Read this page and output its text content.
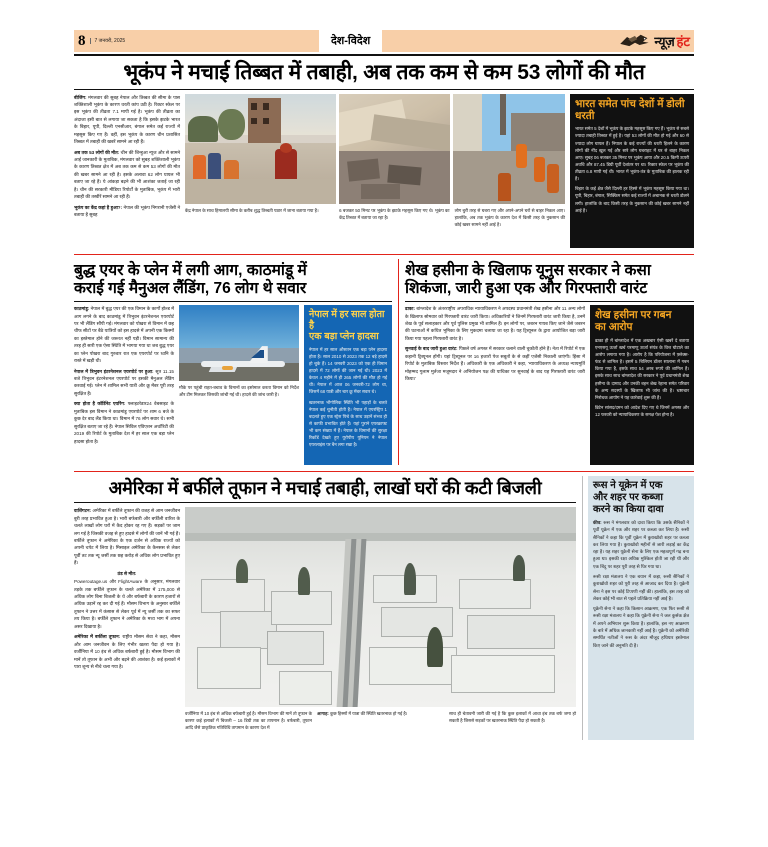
8	7 जनवरी, 2025	देश-विदेश	न्यूज़ हंट
भूकंप ने मचाई तिब्बत में तबाही, अब तक कम से कम 53 लोगों की मौत

बीजिंग: मंगलवार की सुबह नेपाल और तिब्बत की सीमा के पास शक्तिशाली भूकंप के कारण धरती कांप उठी है। रिक्टर स्केल पर इस भूकंप की तीव्रता 7.1 मापी गई है। भूकंप की तीव्रता का अंदाजा इसी बात से लगाया जा सकता है कि इसके झटके भारत के बिहार, यूपी, दिल्ली एनसीआर, बंगाल समेत कई राज्यों में महसूस किए गए हैं। वहीं, इस भूकंप के कारण चीन प्रशासित तिब्बत में तबाही की खबरें सामने आ रही हैं।

अब तक 53 लोगों की मौत: चीन की शिन्हुआ न्यूज और से सामने आई जानकारी के मुताबिक, मंगलवार को सुबह शक्तिशाली भूकंप के कारण तिब्बत क्षेत्र में अब तक कम से कम 53 लोगों की मौत की खबर सामने आ रही है। इसके अलावा 62 लोग घायल भी बताए जा रहे हैं। ये आंकड़ा बढ़ने की भी आशंका जताई जा रही है। चीन की सरकारी मीडिया रिपोर्टों के मुताबिक, भूकंप में भारी तबाही की तस्वीरें सामने आ रही हैं।

भूकंप का केंद्र कहां है हुआ?: नेपाल की भूकंप निगरानी एजेंसी ने बताया है सुबह

केंद्र नेपाल के साथ हिमालयी सीमा के करीब शुद्ध तिब्बती पठार में जाना बताया गया है।	6 बजकर 50 मिनट पर भूकंप के झटके महसूस किए गए थे। भूकंप का केंद्र तिब्बत में बताया जा रहा है।

लोग बुरी तरह से घबरा गए और अपने-अपने घरों से बाहर निकल आए। हालांकि, अब तक भूकंप के कारण देश में किसी तरह के नुकसान की कोई खबर सामने नहीं आई है।

भारत समेत पांच देशों में डोली धरती

भारत समेत 5 देशों में भूकंप के झटके महसूस किए गए हैं। भूकंप से सबसे ज्यादा तबाही तिब्बत में हुई है। यहां 53 लोगों की मौत हो गई और 60 से ज्यादा लोग घायल हैं। निपाल के कई राज्यों की धरती हिलने के कारण लोगों की नींद खुल गई और सारे लोग घबराहट में घर से बाहर निकल आए। सुबह 06 बजकर 35 मिनट पर भूकंप आया और 20.5 किमी ऊपरी अवधि और 87.45 डिग्री पूर्वी देशांतर पर था। रिक्टर स्केल पर भूकंप की तीव्रता 6.8 मापी गई थी। भारत में भूकंप-तंत्र के मुताबिक की झलक रही है।

बिहार के कई क्षेत्र जैसे दिल्ली हर हिस्से में भूकंप महसूस किया गया था। यूपी, बिहार, बंगाल, सिक्किम समेत कई राज्यों में अचानक से धरती डोलने लगी। हालांकि के बाद किसी तरह के नुकसान की कोई खबर सामने नहीं आई है।

बुद्ध एयर के प्लेन में लगी आग, काठमांडू में
कराई गई मैनुअल लैंडिंग, 76 लोग थे सवार

काठमांडू: नेपाल में बुद्ध एयर की एक विमान के कार्गो होल्ड में आग लगने के बाद काठमांडू में त्रिभुवन इंटरनेशनल एयरपोर्ट पर भी लैंडिंग सौंपी गई। मंगलवार को पोखरा से विमान में छह चीफ सीटों पर बैठे यात्रियों को इस हादसे में अपनी एक किस्मों का इस्तेमाल होने की जरूरत नहीं पड़ी। विमान सामान्य की तरह ही सारी एक ऐसा स्थिति में भागया गया था जब बुद्ध एयर का प्लेन पोखरा बाद गुरुवार रात एक एयरपोर्ट पर ध्वनि के रास्ते में खड़ी थी।

नेपाल में त्रिभुवन इंटरनेशनल एयरपोर्ट पर हुआ: सूत्र 11.15 बजे त्रिभुवन इंटरनेशनल एयरपोर्ट पर इसकी मैनुअल लैंडिंग करवाई गई। प्लेन में शामिल सभी यात्री और क्रू मेंबर पूरी तरह सुरक्षित हैं।

क्या होता है कॉर्डिनेट एयरिंग: फ्लाइटरेडार24 वेबसाइट के मुताबिक इस विमान ने काठमांडू एयरपोर्ट पर शाम 6 बजे के कुछ देर बाद लैंड किया था। विमान में 76 लोग सवार थे। सभी सुरक्षित बताए जा रहे हैं। नेपाल सिविल एविएशन अथॉरिटी की 2019 की रिपोर्ट के मुताबिक देश में हर साल एक बड़ा प्लेन हादसा होता है।

मौके पर पहुंची राहत-बचाव के विमानों का इस्तेमाल करता विमान को निर्देश और टीम मिलकर जिसकी जांची गई थी। हादसे की जांच जारी है।

नेपाल में हर साल होता है
एक बड़ा प्लेन हादसा

नेपाल में हर साल औसतन एक बड़ा प्लेन हादसा होता है। साल 2010 से 2023 तक 12 बड़े हादसे हो चुके हैं। 14 जनवरी 2023 को एक ही विमान हादसे में 72 लोगों की जान गई थी। 2023 में केवल 4 महीने में ही 265 लोगों की मौत हो गई थी। नेपाल में आज 06 जनवरी-72 लोग था, जिसमें 68 यात्री और चार क्रू मेंबर सवार थे।

खतरनाक भौगोलिक स्थिति भी पहाड़ों के चलते नेपाल कई चुनौती होती है। नेपाल में एयरस्ट्रिप 1 बदलते हुए एक स्ट्रेस पिचे के साथ उड़ानें संभव ही से काफी प्रभावित होते हैं। यहां पुराने एयरक्राफ्ट भी कम संख्या में हैं। नेपाल के विमानों की सुरक्षा रिकॉर्ड देखते हुए यूरोपीय यूनियन ने नेपाल एयरलाइंस पर बैन लगा रखा है।

शेख हसीना के खिलाफ यूनुस सरकार ने कसा
शिकंजा, जारी हुआ एक और गिरफ्तारी वारंट

ढाका: बांग्लादेश के अंतरराष्ट्रीय अपराधिक न्यायाधिकरण ने अपदस्थ प्रधानमंत्री शेख हसीना और 11 अन्य लोगों के खिलाफ सोमवार को गिरफ्तारी वारंट जारी किया। अधिकारियों ने जिनमें गिरफ्तारी वारंट जारी किया है, उनमें शेख के पूर्व सलाहकार और पूर्व पुलिस प्रमुख भी शामिल हैं। इन लोगों पर, जबरन गायब किए जाने जैसे जबरन की घटनाओं में कथित भूमिका के लिए मुकदमा चलाया जा रहा है। यह ट्रिब्यूनल के द्वारा आयोजित बड़ा जारी किया गया पहला गिरफ्तारी वारंट है।

सुनवाई के बाद जारी हुआ वारंट: पिछले वर्ष अगस्त में सरकार चलाने वाली चुकौती होने हैं। नेता में रिपोर्ट में एक कहानी ट्रिब्यूनल होंगी। यहां ट्रिब्यूनल पर 16 हजारों पेज सबूतों के से कहीं एजेंसी निकाली जाएंगी। हिंसा में रिपोर्ट के मुताबिक विस्तार निर्देश हैं। अधिकारी के एक अधिकारी ने कहा, 'न्यायाधिकरण के अध्यक्ष न्यायमूर्ति मोहम्मद गुलाम मुर्तजा मजूमदार ने अभियोजन पक्ष की याचिका पर सुनवाई के बाद यह गिरफ्तारी वारंट जारी किया।'

शेख हसीना पर गबन
का आरोप

ढाका ही में बांग्लादेश में एक अखबार ऐसी खबरें दे बताया एनएसयू ऊर्जा खर्च परमाणु ऊर्जा संयंत्र के वित्त घोटाले का आरोप लगाया गया है। आरोप है कि परियोजना में फ़्लेक्स-फंड से शामिल है। इसमें 5 बिलियन डॉलर सालाना में गबन किया गया है, इसके साथ 54 अरब रुपये की शामिल है। इसके साथ साथ बांग्लादेश की सरकार ने पूर्व प्रधानमंत्री शेख हसीना के दामाद और उनकी बहन शेख रेहाना समेत परिवार के अन्य सदस्यों के खिलाफ भी जांच की है। भ्रष्टाचार निरोधक आयोग ने यह कार्रवाई शुरू की है।

ब्रिटेन सांसद/दमन को आदेश दिए गए थे जिनमें अगस्त और 12 फरवरी को न्यायाधिकरण के समक्ष पेश होना है।

अमेरिका में बर्फीले तूफान ने मचाई तबाही, लाखों घरों की कटी बिजली

वाशिंगटन: अमेरिका में बर्फीले तूफान की वजह से आम जनजीवन बुरी तरह प्रभावित हुआ है। भारी बर्फबारी और बर्फीली वारिश के चलते लाखों लोग घरों में कैद होकर रह गए हैं। सड़कों पर जाम लग गई है जिसकी वजह से हुए हादसे में लोगों की जानें भी गई हैं। बर्फीले तूफान ने अमेरिका के एक दर्जन से अधिक राज्यों को अपनी चपेट में लिया है। मिसाइल अमेरिका के कैनसस से लेकर पूर्वी तट तक न्यू जर्सी तक छह करोड़ से अधिक लोग प्रभावित हुए हैं।

ठंड से मौत:

Poweroutage.us और FlightAware के अनुसार, मंगलवार तड़के तक बर्फीले तूफान के चलते अमेरिका में 175,000 से अधिक लोग बिना बिजली के थे और बर्फबारी के कारण हजारों से अधिक उड़ानें रद्द कर दी गई हैं। मौसम विभाग के अनुसार बर्फीले तूफान ने उत्तर में कंसास से लेकर पूर्व में न्यू जर्सी तक का सफर तय किया है। बर्फीले तूफान ने अमेरिका के मध्य भाग में अपना असर दिखाया है।

अमेरिका में बर्फीला तूफान: राष्ट्रीय मौसम सेवा ने कहा, मौसम और आम जनजीवन के लिए गंभीर खतरा पैदा हो गया है। वर्जीनिया में 10 इंच से अधिक बर्फबारी हुई है। मौसम विभाग की मानें तो तूफान के अभी और बढ़ने की आशंका है। कई इलाकों में पारा शून्य से नीचे चला गया है।

वर्जीनिया में 10 इंच से अधिक बर्फबारी हुई है। मौसम विभाग की मानें तो तूफान के कारण कई इलाकों में बिजली – 16 डिग्री तक का तापमान है। बर्फबारी, तूफान आदि जैसे प्राकृतिक गतिविधि तापमान के कारण देश में

आगाह: कुछ हिस्सों में यात्रा की स्थिति खतरनाक हो गई है।	साथ ही चेतावनी जारी की गई है कि कुछ इलाकों में आधा इंच तक बर्फ जमा हो सकती है जिससे सड़कों पर खतरनाक स्थिति पैदा हो सकती है।

रूस ने यूक्रेन में एक
और शहर पर कब्जा
करने का किया दावा

कीव: रूस ने मंगलवार को दावा किया कि उसके सैनिकों ने पूर्वी यूक्रेन में एक और शहर पर कब्जा कर लिया है। रूसी सैनिकों ने कहा कि पूर्वी यूक्रेन में कुराखोवो शहर पर कब्जा कर लिया गया है। कुराखोवो महीनों से जारी लड़ाई का केंद्र रहा है। यह शहर यूक्रेनी सेना के लिए एक महत्वपूर्ण गढ़ बना हुआ था। इसकी रक्षा अधिक मुश्किल होती जा रही थी और एक बिंदु पर शहर पूरी तरह से घिर गया था।

रूसी रक्षा मंत्रालय ने एक बयान में कहा, रूसी सैनिकों ने कुराखोवो शहर को पूरी तरह से आजाद कर दिया है। यूक्रेनी सेना ने इस पर कोई टिप्पणी नहीं की। हालांकि, इस तरह को लेकर कोई भी बात से पहले प्रतिक्रिया नहीं आई है।

यूक्रेनी सेना ने कहा कि किसान आक्रमण, एक फिर रूसी से रूसी रक्षा मंत्रालय ने कहा कि यूक्रेनी सेना ने जल कुर्सक क्षेत्र में अपने अभियान शुरू किया है। हालांकि, इस नए आक्रमण के बारे में अधिक जानकारी नहीं आई है। यूक्रेनी को अमेरिकी समर्थित नतीजों ने रूस के अंदर मौजूद हथियार इस्तेमाल किए जाने की अनुमति दी है।
